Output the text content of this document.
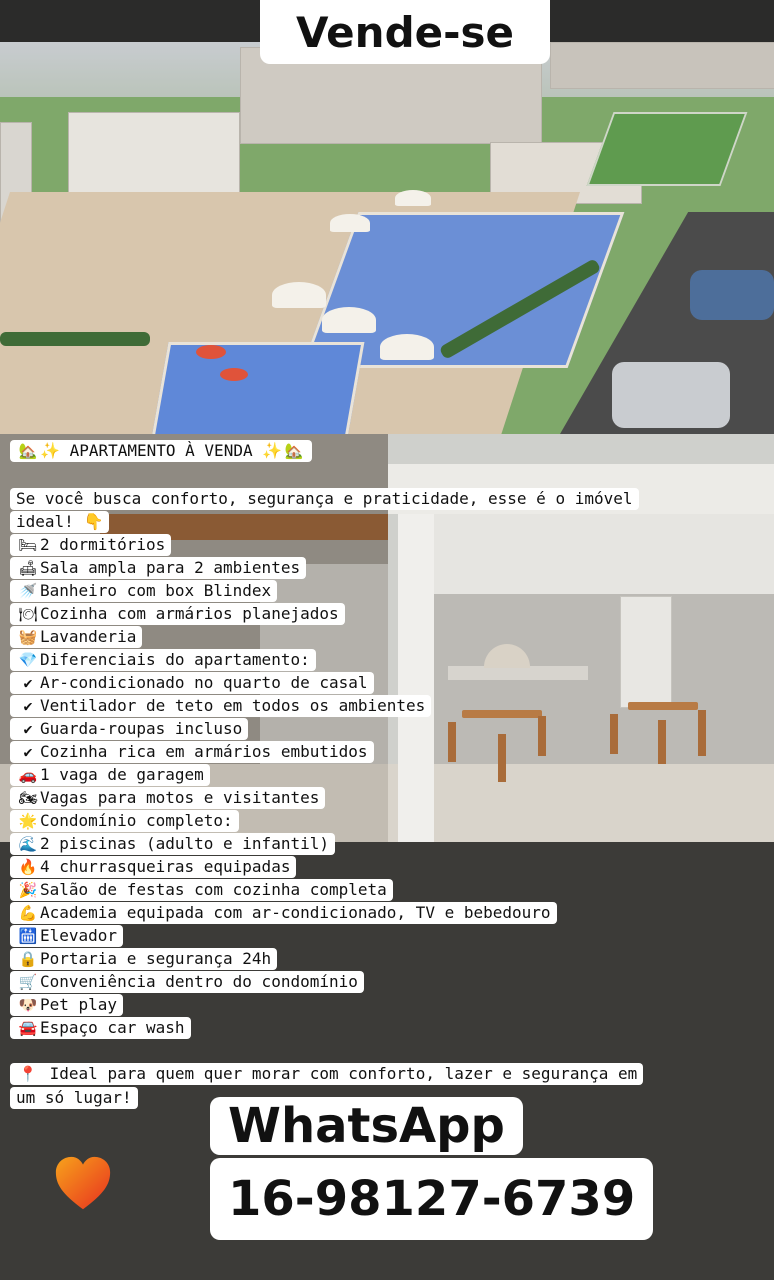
Vende-se
🏡 ✨ APARTAMENTO À VENDA ✨ 🏡
Se você busca conforto, segurança e praticidade, esse é o imóvel
ideal! 👇
🛏 2 dormitórios
🛋 Sala ampla para 2 ambientes
🚿 Banheiro com box Blindex
🍽 Cozinha com armários planejados
🧺 Lavanderia
💎 Diferenciais do apartamento:
✔ Ar-condicionado no quarto de casal
✔ Ventilador de teto em todos os ambientes
✔ Guarda-roupas incluso
✔ Cozinha rica em armários embutidos
🚗 1 vaga de garagem
🏍 Vagas para motos e visitantes
🌟 Condomínio completo:
🌊 2 piscinas (adulto e infantil)
🔥 4 churrasqueiras equipadas
🎉 Salão de festas com cozinha completa
💪 Academia equipada com ar-condicionado, TV e bebedouro
🛗 Elevador
🔒 Portaria e segurança 24h
🛒 Conveniência dentro do condomínio
🐶 Pet play
🚘 Espaço car wash
📍 Ideal para quem quer morar com conforto, lazer e segurança em
um só lugar!
WhatsApp
16-98127-6739
